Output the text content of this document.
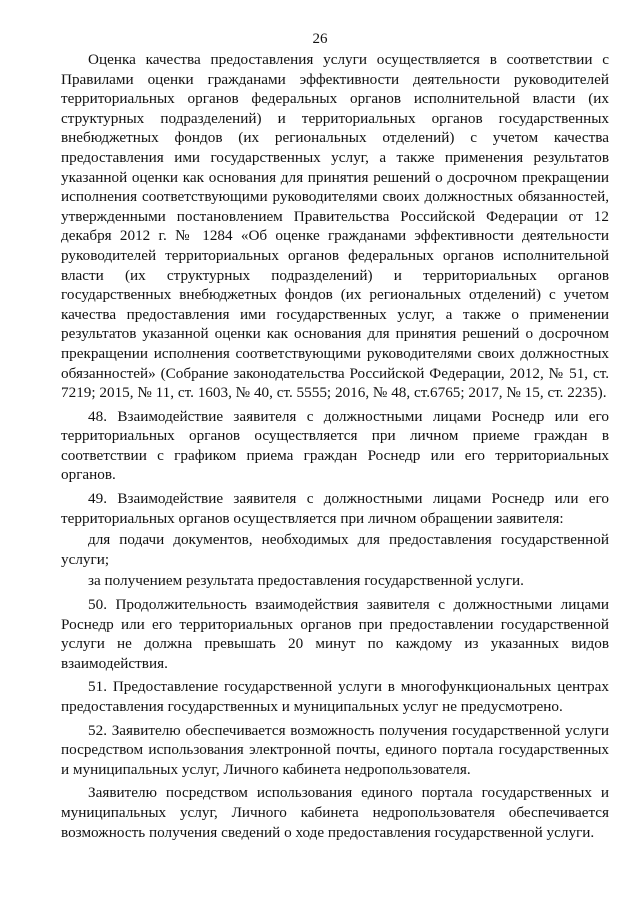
26

Оценка качества предоставления услуги осуществляется в соответствии с Правилами оценки гражданами эффективности деятельности руководителей территориальных органов федеральных органов исполнительной власти (их структурных подразделений) и территориальных органов государственных внебюджетных фондов (их региональных отделений) с учетом качества предоставления ими государственных услуг, а также применения результатов указанной оценки как основания для принятия решений о досрочном прекращении исполнения соответствующими руководителями своих должностных обязанностей, утвержденными постановлением Правительства Российской Федерации от 12 декабря 2012 г. № 1284 «Об оценке гражданами эффективности деятельности руководителей территориальных органов федеральных органов исполнительной власти (их структурных подразделений) и территориальных органов государственных внебюджетных фондов (их региональных отделений) с учетом качества предоставления ими государственных услуг, а также о применении результатов указанной оценки как основания для принятия решений о досрочном прекращении исполнения соответствующими руководителями своих должностных обязанностей» (Собрание законодательства Российской Федерации, 2012, № 51, ст. 7219; 2015, № 11, ст. 1603, № 40, ст. 5555; 2016, № 48, ст.6765; 2017, № 15, ст. 2235).

48. Взаимодействие заявителя с должностными лицами Роснедр или его территориальных органов осуществляется при личном приеме граждан в соответствии с графиком приема граждан Роснедр или его территориальных органов.

49. Взаимодействие заявителя с должностными лицами Роснедр или его территориальных органов осуществляется при личном обращении заявителя:

для подачи документов, необходимых для предоставления государственной услуги;

за получением результата предоставления государственной услуги.

50. Продолжительность взаимодействия заявителя с должностными лицами Роснедр или его территориальных органов при предоставлении государственной услуги не должна превышать 20 минут по каждому из указанных видов взаимодействия.

51. Предоставление государственной услуги в многофункциональных центрах предоставления государственных и муниципальных услуг не предусмотрено.

52. Заявителю обеспечивается возможность получения государственной услуги посредством использования электронной почты, единого портала государственных и муниципальных услуг, Личного кабинета недропользователя.

Заявителю посредством использования единого портала государственных и муниципальных услуг, Личного кабинета недропользователя обеспечивается возможность получения сведений о ходе предоставления государственной услуги.
